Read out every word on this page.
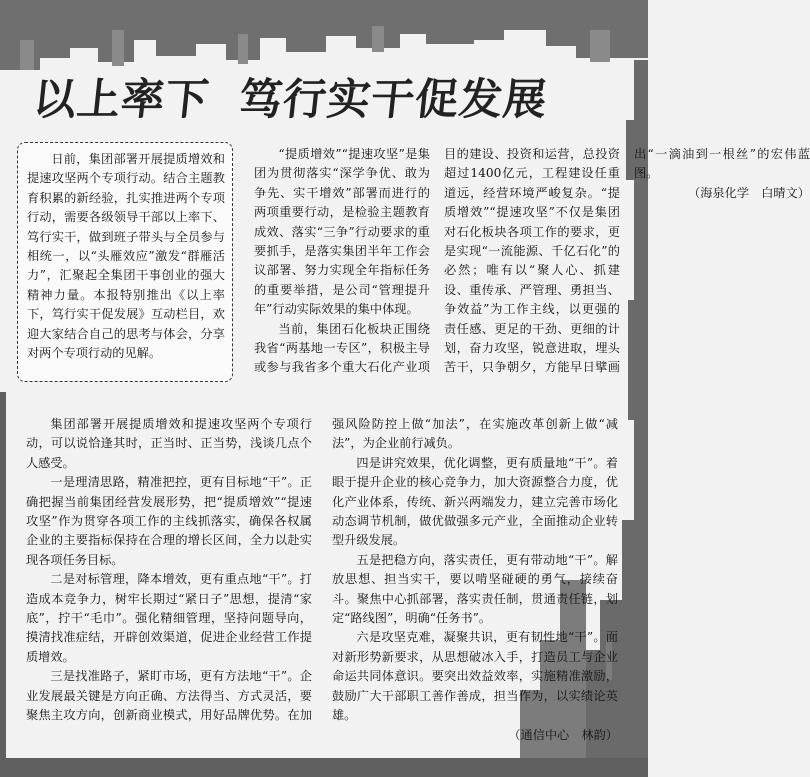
以上率下 笃行实干促发展

日前，集团部署开展提质增效和提速攻坚两个专项行动。结合主题教育积累的新经验，扎实推进两个专项行动，需要各级领导干部以上率下、笃行实干，做到班子带头与全员参与相统一，以“头雁效应”激发“群雁活力”，汇聚起全集团干事创业的强大精神力量。本报特别推出《以上率下，笃行实干促发展》互动栏目，欢迎大家结合自己的思考与体会，分享对两个专项行动的见解。

“提质增效”“提速攻坚”是集团为贯彻落实“深学争优、敢为争先、实干增效”部署而进行的两项重要行动，是检验主题教育成效、落实“三争”行动要求的重要抓手，是落实集团半年工作会议部署、努力实现全年指标任务的重要举措，是公司“管理提升年”行动实际效果的集中体现。

当前，集团石化板块正围绕我省“两基地一专区”，积极主导或参与我省多个重大石化产业项目的建设、投资和运营，总投资超过1400亿元，工程建设任重道远，经营环境严峻复杂。“提质增效”“提速攻坚”不仅是集团对石化板块各项工作的要求，更是实现“一流能源、千亿石化”的必然；唯有以“聚人心、抓建设、重传承、严管理、勇担当、争效益”为工作主线，以更强的责任感、更足的干劲、更细的计划，奋力攻坚，锐意进取，埋头苦干，只争朝夕，方能早日擘画出“一滴油到一根丝”的宏伟蓝图。

（海泉化学　白晴文）

集团部署开展提质增效和提速攻坚两个专项行动，可以说恰逢其时，正当时、正当势，浅谈几点个人感受。

一是理清思路，精准把控，更有目标地“干”。正确把握当前集团经营发展形势，把“提质增效”“提速攻坚”作为贯穿各项工作的主线抓落实，确保各权属企业的主要指标保持在合理的增长区间，全力以赴实现各项任务目标。

二是对标管理，降本增效，更有重点地“干”。打造成本竞争力，树牢长期过“紧日子”思想，提清“家底”，拧干“毛巾”。强化精细管理，坚持问题导向，摸清找准症结，开辟创效渠道，促进企业经营工作提质增效。

三是找准路子，紧盯市场，更有方法地“干”。企业发展最关键是方向正确、方法得当、方式灵活，要聚焦主攻方向，创新商业模式，用好品牌优势。在加强风险防控上做“加法”，在实施改革创新上做“减法”，为企业前行减负。

四是讲究效果，优化调整，更有质量地“干”。着眼于提升企业的核心竞争力，加大资源整合力度，优化产业体系，传统、新兴两端发力，建立完善市场化动态调节机制，做优做强多元产业，全面推动企业转型升级发展。

五是把稳方向，落实责任，更有带动地“干”。解放思想、担当实干，要以啃坚碰硬的勇气，接续奋斗。聚焦中心抓部署，落实责任制，贯通责任链，划定“路线图”，明确“任务书”。

六是攻坚克难，凝聚共识，更有韧性地“干”。面对新形势新要求，从思想破冰入手，打造员工与企业命运共同体意识。要突出效益效率，实施精准激励，鼓励广大干部职工善作善成，担当作为，以实绩论英雄。

（通信中心　林韵）
